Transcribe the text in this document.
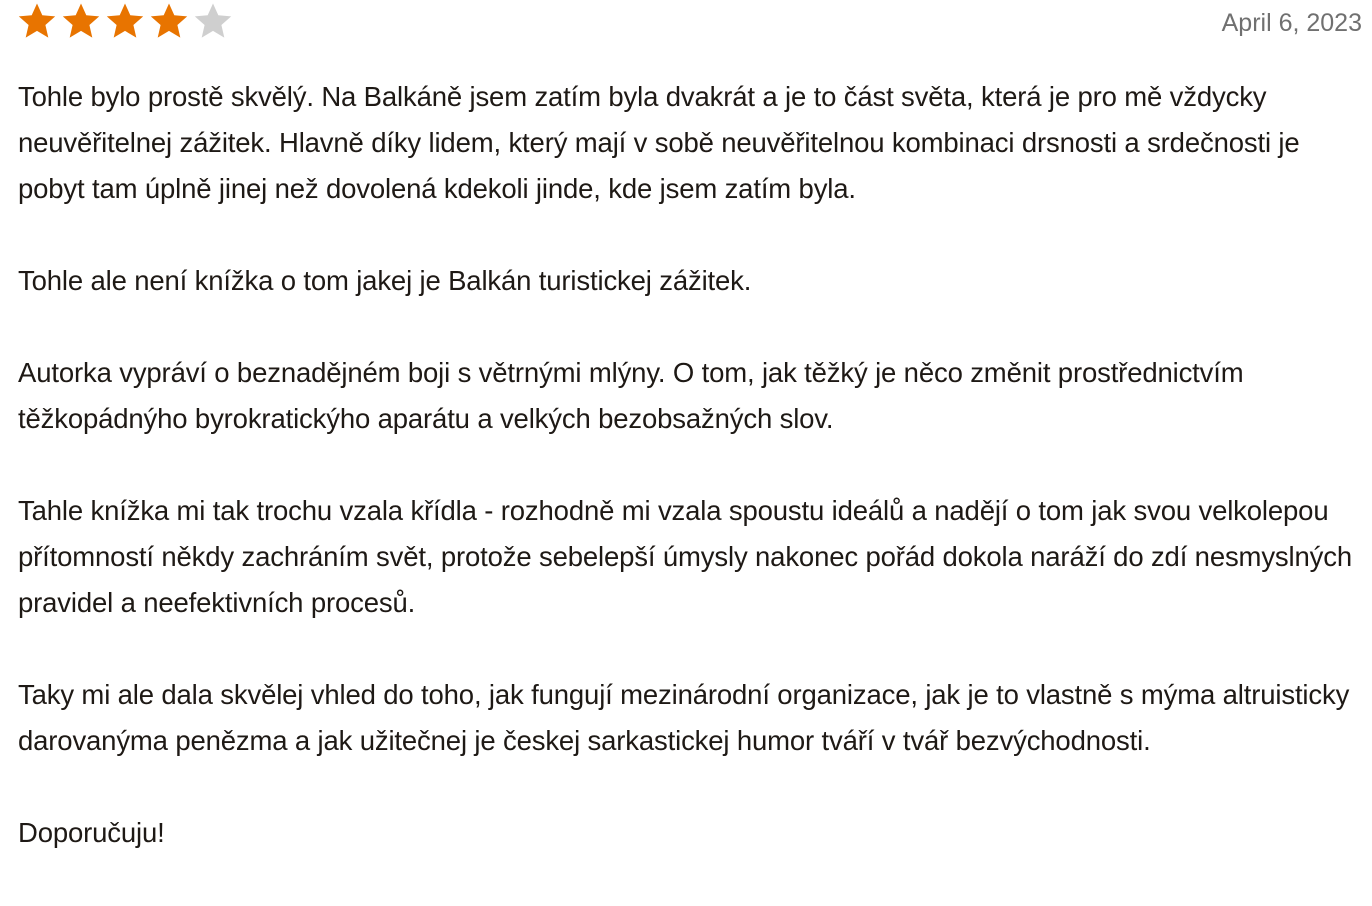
April 6, 2023

Tohle bylo prostě skvělý. Na Balkáně jsem zatím byla dvakrát a je to část světa, která je pro mě vždycky neuvěřitelnej zážitek. Hlavně díky lidem, který mají v sobě neuvěřitelnou kombinaci drsnosti a srdečnosti je pobyt tam úplně jinej než dovolená kdekoli jinde, kde jsem zatím byla.

Tohle ale není knížka o tom jakej je Balkán turistickej zážitek.

Autorka vypráví o beznadějném boji s větrnými mlýny. O tom, jak těžký je něco změnit prostřednictvím těžkopádnýho byrokratickýho aparátu a velkých bezobsažných slov.

Tahle knížka mi tak trochu vzala křídla - rozhodně mi vzala spoustu ideálů a nadějí o tom jak svou velkolepou přítomností někdy zachráním svět, protože sebelepší úmysly nakonec pořád dokola naráží do zdí nesmyslných pravidel a neefektivních procesů.

Taky mi ale dala skvělej vhled do toho, jak fungují mezinárodní organizace, jak je to vlastně s mýma altruisticky darovanýma penězma a jak užitečnej je českej sarkastickej humor tváří v tvář bezvýchodnosti.

Doporučuju!
